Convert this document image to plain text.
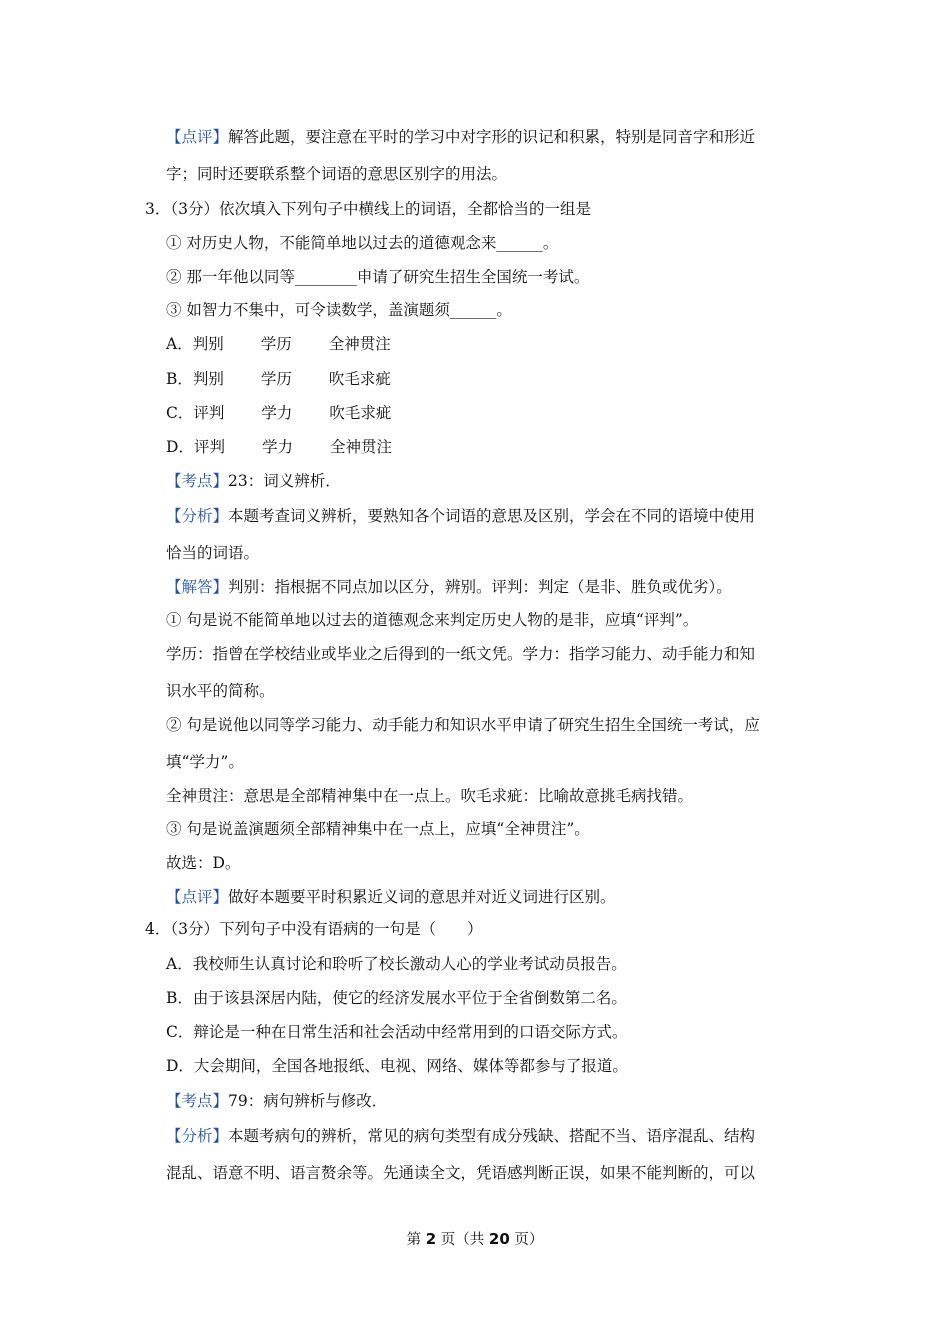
【点评】解答此题，要注意在平时的学习中对字形的识记和积累，特别是同音字和形近
字；同时还要联系整个词语的意思区别字的用法。
3．（3分）依次填入下列句子中横线上的词语，全都恰当的一组是
① 对历史人物，不能简单地以过去的道德观念来______。
② 那一年他以同等________申请了研究生招生全国统一考试。
③ 如智力不集中，可令读数学，盖演题须______。
A．判别 学历 全神贯注
B．判别 学历 吹毛求疵
C．评判 学力 吹毛求疵
D．评判 学力 全神贯注
【考点】23：词义辨析．
【分析】本题考查词义辨析，要熟知各个词语的意思及区别，学会在不同的语境中使用
恰当的词语。
【解答】判别：指根据不同点加以区分，辨别。评判：判定（是非、胜负或优劣）。
① 句是说不能简单地以过去的道德观念来判定历史人物的是非，应填“评判”。
学历：指曾在学校结业或毕业之后得到的一纸文凭。学力：指学习能力、动手能力和知
识水平的简称。
② 句是说他以同等学习能力、动手能力和知识水平申请了研究生招生全国统一考试，应
填“学力”。
全神贯注：意思是全部精神集中在一点上。吹毛求疵：比喻故意挑毛病找错。
③ 句是说盖演题须全部精神集中在一点上，应填“全神贯注”。
故选：D。
【点评】做好本题要平时积累近义词的意思并对近义词进行区别。
4．（3分）下列句子中没有语病的一句是（　　）
A．我校师生认真讨论和聆听了校长激动人心的学业考试动员报告。
B．由于该县深居内陆，使它的经济发展水平位于全省倒数第二名。
C．辩论是一种在日常生活和社会活动中经常用到的口语交际方式。
D．大会期间，全国各地报纸、电视、网络、媒体等都参与了报道。
【考点】79：病句辨析与修改．
【分析】本题考病句的辨析，常见的病句类型有成分残缺、搭配不当、语序混乱、结构
混乱、语意不明、语言赘余等。先通读全文，凭语感判断正误，如果不能判断的，可以
第 2 页（共 20 页）
